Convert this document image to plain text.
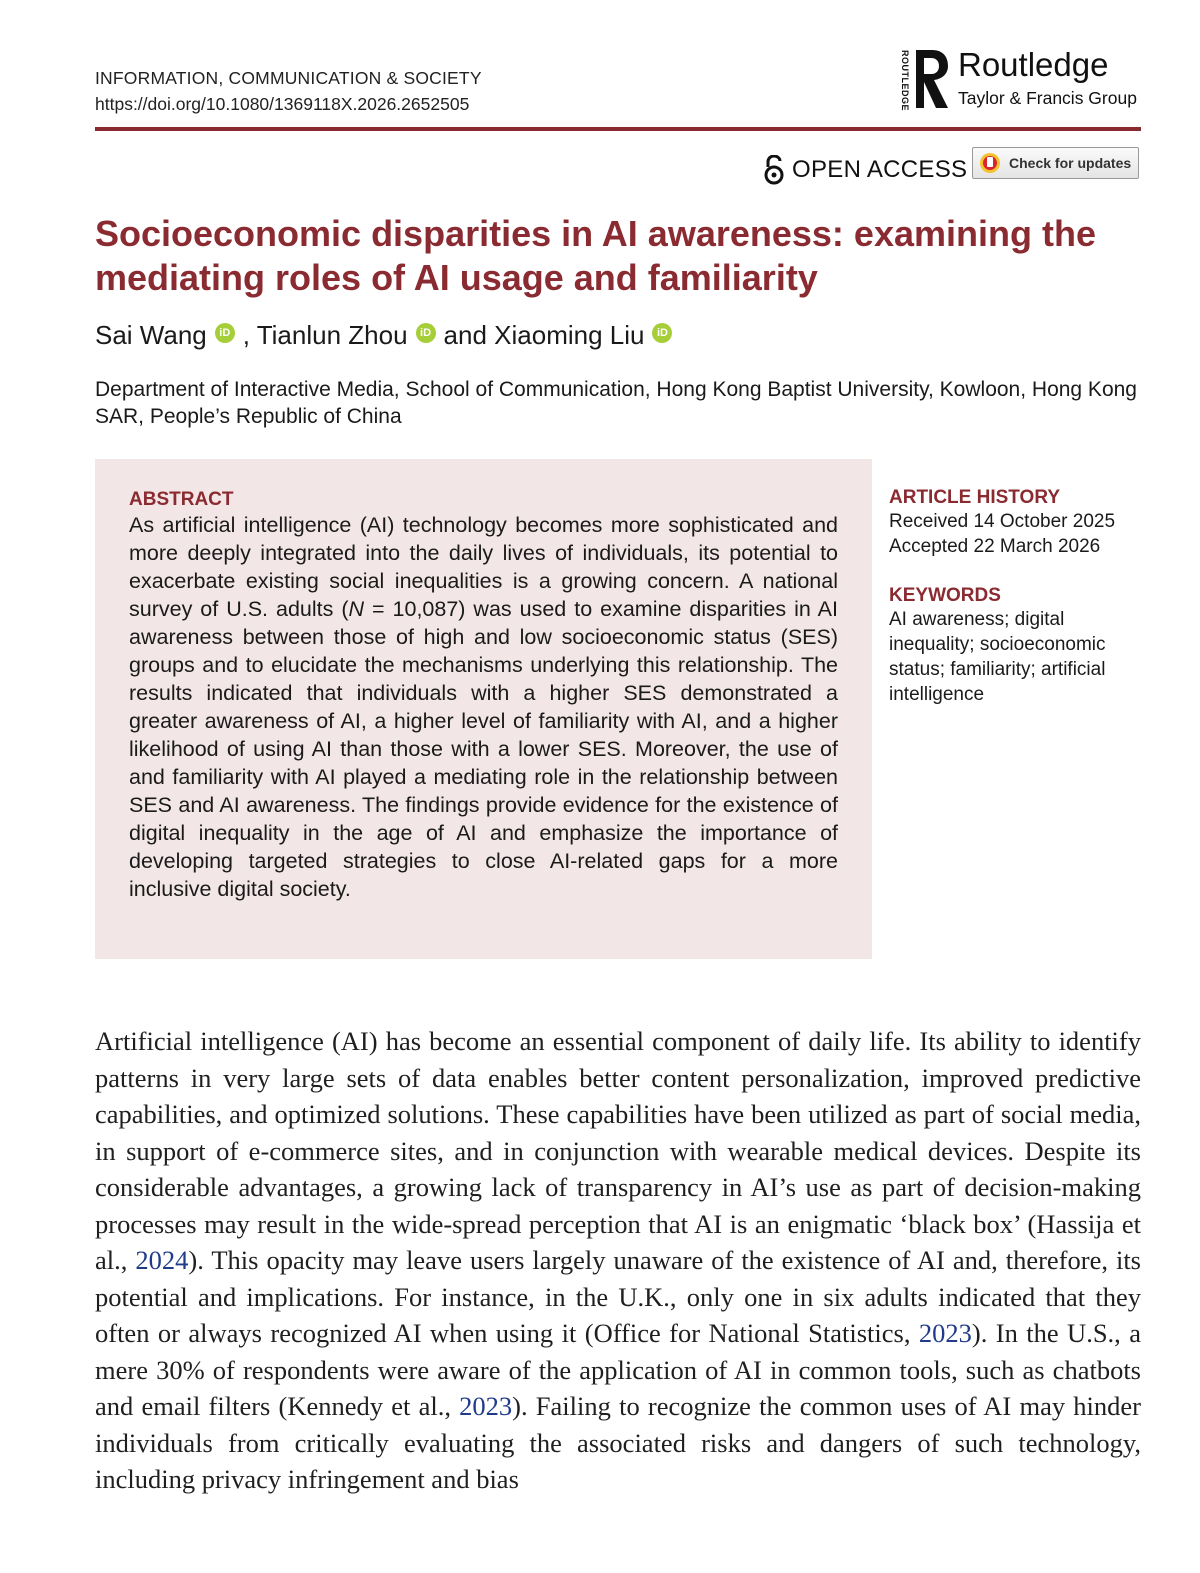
INFORMATION, COMMUNICATION & SOCIETY
https://doi.org/10.1080/1369118X.2026.2652505	ROUTLEDGE Routledge
Taylor & Francis Group
OPEN ACCESS	Check for updates
Socioeconomic disparities in AI awareness: examining the mediating roles of AI usage and familiarity
Sai Wang	iD , Tianlun Zhou	iD and Xiaoming Liu	iD
Department of Interactive Media, School of Communication, Hong Kong Baptist University, Kowloon, Hong Kong SAR, People’s Republic of China
ABSTRACT
As artificial intelligence (AI) technology becomes more sophisticated and more deeply integrated into the daily lives of individuals, its potential to exacerbate existing social inequalities is a growing concern. A national survey of U.S. adults (N = 10,087) was used to examine disparities in AI awareness between those of high and low socioeconomic status (SES) groups and to elucidate the mechanisms underlying this relationship. The results indicated that individuals with a higher SES demonstrated a greater awareness of AI, a higher level of familiarity with AI, and a higher likelihood of using AI than those with a lower SES. Moreover, the use of and familiarity with AI played a mediating role in the relationship between SES and AI awareness. The findings provide evidence for the existence of digital inequality in the age of AI and emphasize the importance of developing targeted strategies to close AI-related gaps for a more inclusive digital society.
ARTICLE HISTORY
Received 14 October 2025
Accepted 22 March 2026
KEYWORDS
AI awareness; digital inequality; socioeconomic status; familiarity; artificial intelligence
Artificial intelligence (AI) has become an essential component of daily life. Its ability to identify patterns in very large sets of data enables better content personalization, improved predictive capabilities, and optimized solutions. These capabilities have been utilized as part of social media, in support of e-commerce sites, and in conjunction with wearable medical devices. Despite its considerable advantages, a growing lack of transparency in AI’s use as part of decision-making processes may result in the wide-spread perception that AI is an enigmatic ‘black box’ (Hassija et al., 2024). This opacity may leave users largely unaware of the existence of AI and, therefore, its potential and implications. For instance, in the U.K., only one in six adults indicated that they often or always recognized AI when using it (Office for National Statistics, 2023). In the U.S., a mere 30% of respondents were aware of the application of AI in common tools, such as chatbots and email filters (Kennedy et al., 2023). Failing to recognize the common uses of AI may hinder individuals from critically evaluating the associated risks and dangers of such technology, including privacy infringement and bias
